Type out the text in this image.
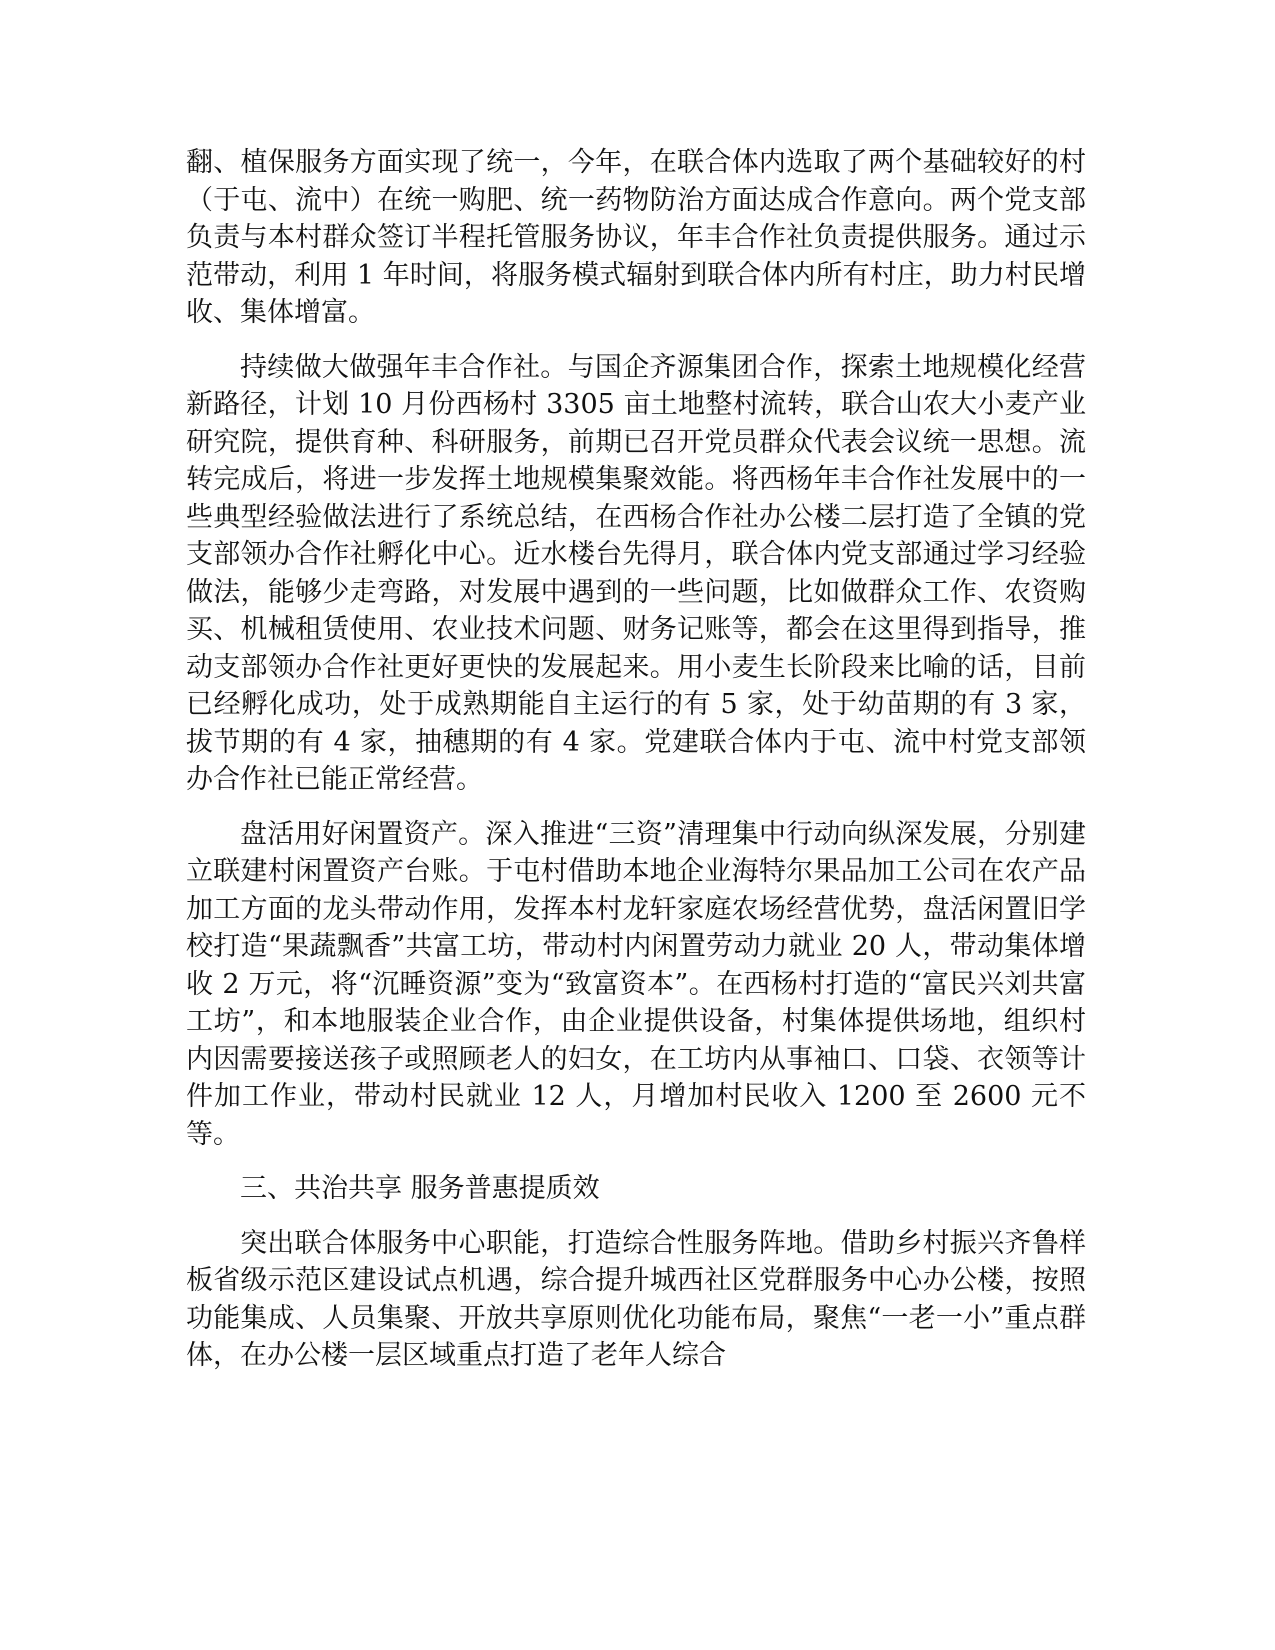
翻、植保服务方面实现了统一，今年，在联合体内选取了两个基础较好的村（于屯、流中）在统一购肥、统一药物防治方面达成合作意向。两个党支部负责与本村群众签订半程托管服务协议，年丰合作社负责提供服务。通过示范带动，利用 1 年时间，将服务模式辐射到联合体内所有村庄，助力村民增收、集体增富。

持续做大做强年丰合作社。与国企齐源集团合作，探索土地规模化经营新路径，计划 10 月份西杨村 3305 亩土地整村流转，联合山农大小麦产业研究院，提供育种、科研服务，前期已召开党员群众代表会议统一思想。流转完成后，将进一步发挥土地规模集聚效能。将西杨年丰合作社发展中的一些典型经验做法进行了系统总结，在西杨合作社办公楼二层打造了全镇的党支部领办合作社孵化中心。近水楼台先得月，联合体内党支部通过学习经验做法，能够少走弯路，对发展中遇到的一些问题，比如做群众工作、农资购买、机械租赁使用、农业技术问题、财务记账等，都会在这里得到指导，推动支部领办合作社更好更快的发展起来。用小麦生长阶段来比喻的话，目前已经孵化成功，处于成熟期能自主运行的有 5 家，处于幼苗期的有 3 家，拔节期的有 4 家，抽穗期的有 4 家。党建联合体内于屯、流中村党支部领办合作社已能正常经营。

盘活用好闲置资产。深入推进“三资”清理集中行动向纵深发展，分别建立联建村闲置资产台账。于屯村借助本地企业海特尔果品加工公司在农产品加工方面的龙头带动作用，发挥本村龙轩家庭农场经营优势，盘活闲置旧学校打造“果蔬飘香”共富工坊，带动村内闲置劳动力就业 20 人，带动集体增收 2 万元，将“沉睡资源”变为“致富资本”。在西杨村打造的“富民兴刘共富工坊”，和本地服装企业合作，由企业提供设备，村集体提供场地，组织村内因需要接送孩子或照顾老人的妇女，在工坊内从事袖口、口袋、衣领等计件加工作业，带动村民就业 12 人，月增加村民收入 1200 至 2600 元不等。

三、共治共享 服务普惠提质效

突出联合体服务中心职能，打造综合性服务阵地。借助乡村振兴齐鲁样板省级示范区建设试点机遇，综合提升城西社区党群服务中心办公楼，按照功能集成、人员集聚、开放共享原则优化功能布局，聚焦“一老一小”重点群体，在办公楼一层区域重点打造了老年人综合
